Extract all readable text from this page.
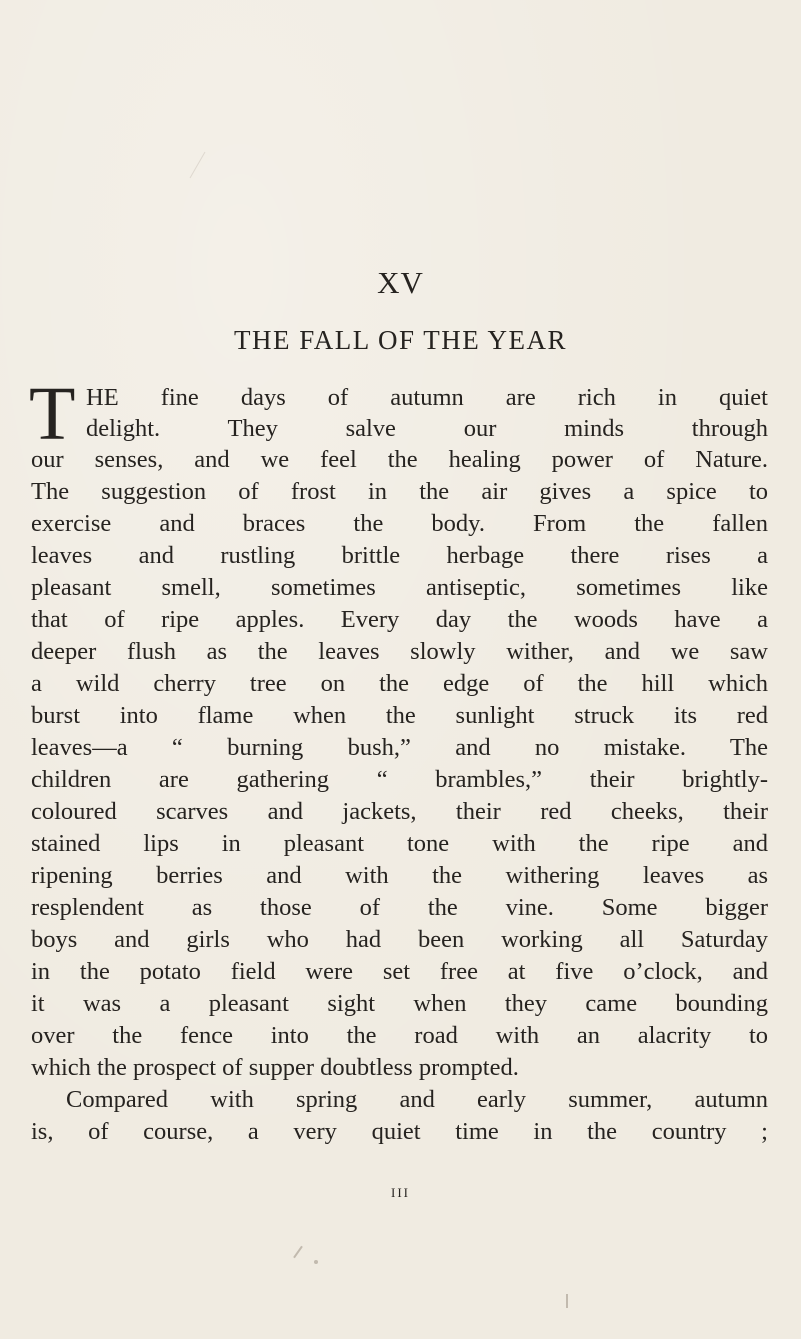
XV
THE FALL OF THE YEAR
T HE fine days of autumn are rich in quiet
delight. They salve our minds through
our senses, and we feel the healing power of Nature.
The suggestion of frost in the air gives a spice to
exercise and braces the body. From the fallen
leaves and rustling brittle herbage there rises a
pleasant smell, sometimes antiseptic, sometimes like
that of ripe apples. Every day the woods have a
deeper flush as the leaves slowly wither, and we saw
a wild cherry tree on the edge of the hill which
burst into flame when the sunlight struck its red
leaves—a “ burning bush,” and no mistake. The
children are gathering “ brambles,” their brightly-
coloured scarves and jackets, their red cheeks, their
stained lips in pleasant tone with the ripe and
ripening berries and with the withering leaves as
resplendent as those of the vine. Some bigger
boys and girls who had been working all Saturday
in the potato field were set free at five o’clock, and
it was a pleasant sight when they came bounding
over the fence into the road with an alacrity to
which the prospect of supper doubtless prompted.
Compared with spring and early summer, autumn
is, of course, a very quiet time in the country ;
III
